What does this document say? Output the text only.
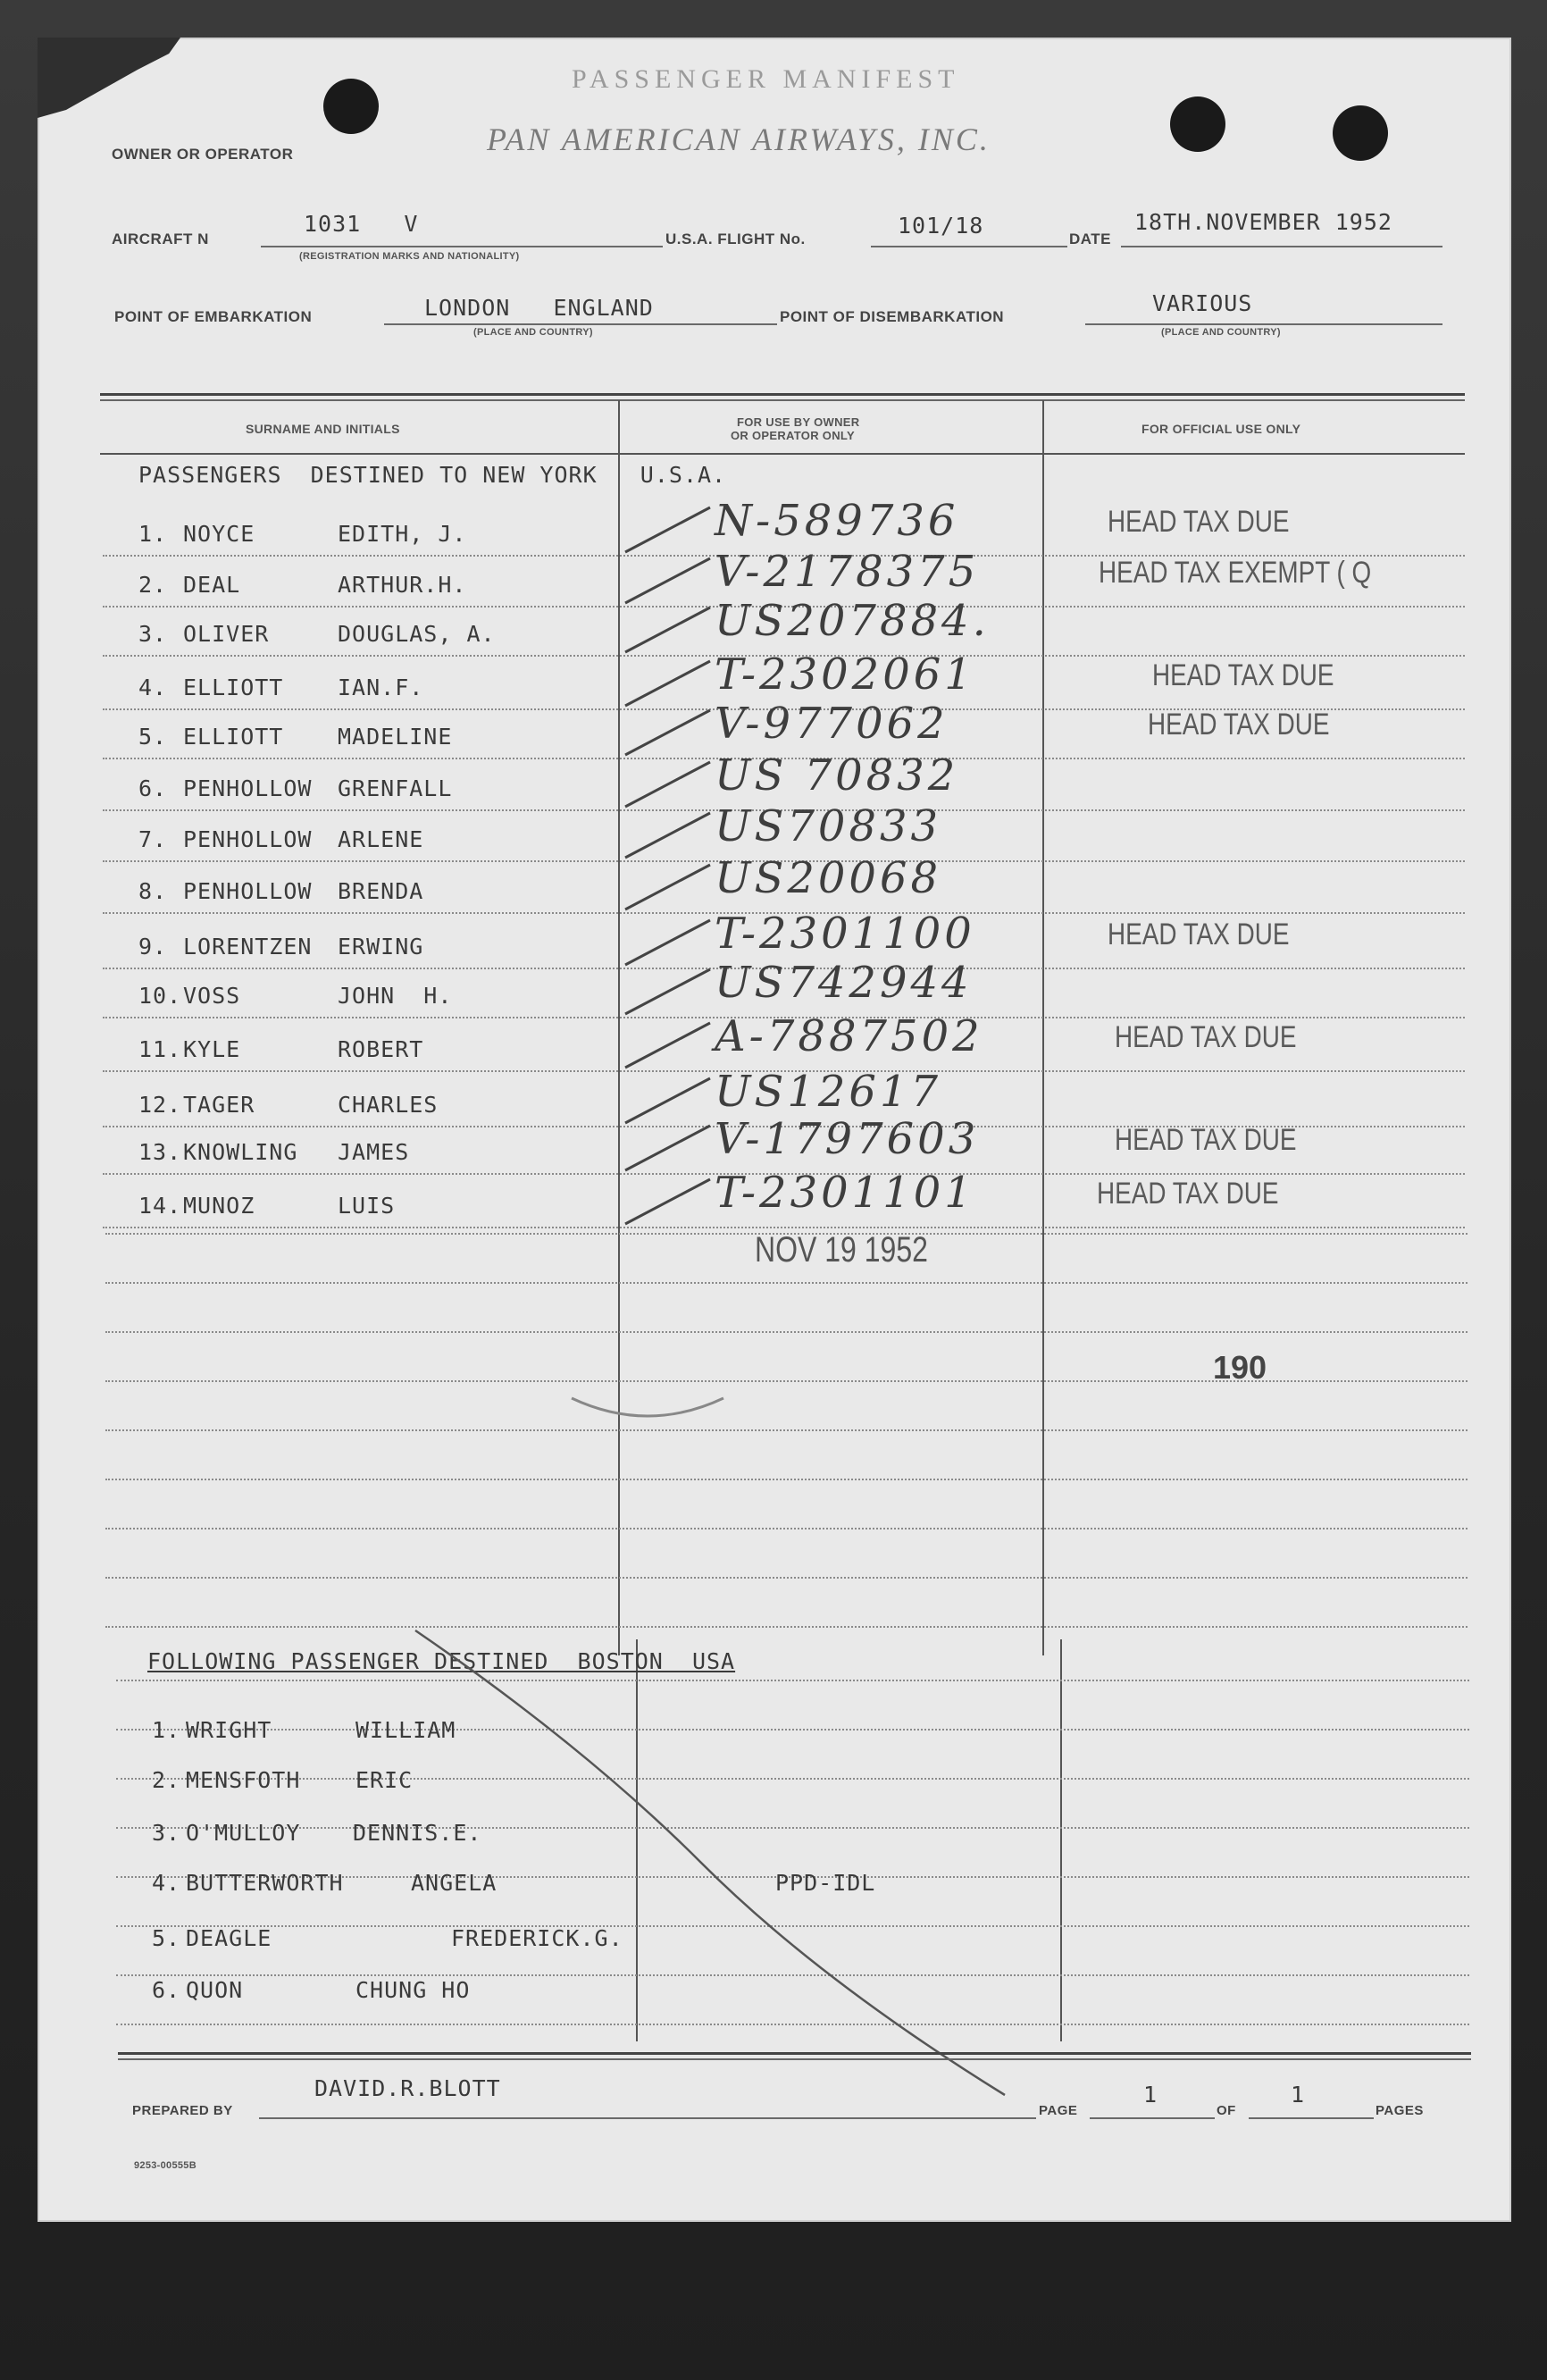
PASSENGER MANIFEST
PAN AMERICAN AIRWAYS, INC.
OWNER OR OPERATOR
AIRCRAFT N
1031   V
(REGISTRATION MARKS AND NATIONALITY)
U.S.A. FLIGHT No.
101/18
DATE
18TH.NOVEMBER 1952
POINT OF EMBARKATION	LONDON   ENGLAND
(PLACE AND COUNTRY)
POINT OF DISEMBARKATION
VARIOUS
(PLACE AND COUNTRY)
SURNAME AND INITIALS	FOR USE BY OWNER
OR OPERATOR ONLY	FOR OFFICIAL USE ONLY
PASSENGERS  DESTINED TO NEW YORK   U.S.A.
1. NOYCE	EDITH, J.	N-589736	HEAD TAX DUE
2. DEAL	ARTHUR.H.	V-2178375	HEAD TAX EXEMPT ( Q
3. OLIVER	DOUGLAS, A.	US207884.
4. ELLIOTT IAN.F.	T-2302061	HEAD TAX DUE
5. ELLIOTT MADELINE	V-977062	HEAD TAX DUE
6. PENHOLLOW GRENFALL	US 70832
7. PENHOLLOW ARLENE	US70833
8. PENHOLLOW BRENDA	US20068
9. LORENTZEN ERWING	T-2301100	HEAD TAX DUE
10. VOSS	JOHN  H.	US742944
11. KYLE	ROBERT	A-7887502	HEAD TAX DUE
12. TAGER	CHARLES	US12617
13. KNOWLING JAMES	V-1797603	HEAD TAX DUE
14. MUNOZ	LUIS	T-2301101	HEAD TAX DUE
NOV 19 1952
190
FOLLOWING PASSENGER DESTINED  BOSTON  USA
1. WRIGHT	WILLIAM
2. MENSFOTH ERIC
3. O'MULLOY DENNIS.E.
4. BUTTERWORTH	ANGELA	PPD-IDL
5. DEAGLE	FREDERICK.G.
6. QUON	CHUNG HO
PREPARED BY
DAVID.R.BLOTT
PAGE
1
OF
1
PAGES
9253-00555B
